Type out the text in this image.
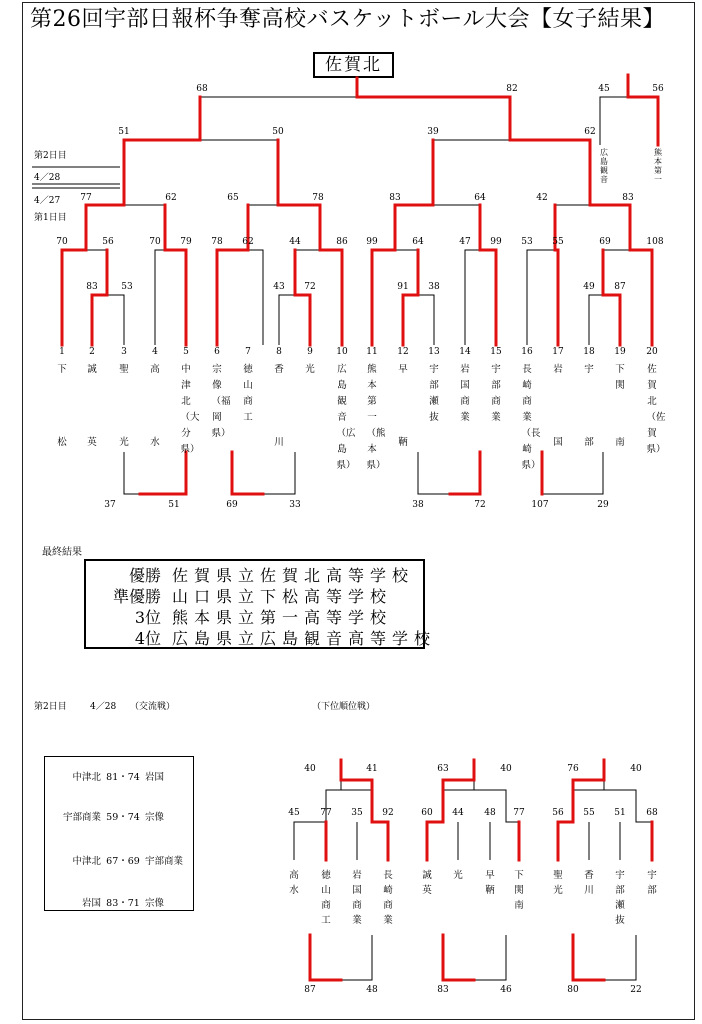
第26回宇部日報杯争奪高校バスケットボール大会【女子結果】
佐賀北
第2日目
4／28
4／27
第1日目
68	82
51	50	39	62
45	56
77	62	65	78	83	64	42	83
70	56	70 79 78 62	44	86 99	64	47 99 53 55	69	108
83	53	43 72	91 38	49 87
37	51	69	33	38	72	107	29
広島観音
熊本第一
1
下
松
2
誠
英
3
聖
光
4
高
水
5
中津北（大分県）
6
宗像（福岡県）
7
徳山商工
8
香
川
9
光
10
広島観音（広島県）
11
熊本第一（熊本県）
12
早
鞆
13
宇部瀬抜
14
岩国商業
15
宇部商業
16
長崎商業（長崎県）
17
岩
国
18
宇
部
19
下関
南
20
佐賀北（佐賀県）
最終結果
優勝 佐賀県立佐賀北高等学校
準優勝 山口県立下松高等学校
3位 熊本県立第一高等学校
4位 広島県立広島観音高等学校
第2日目	4／28 （交流戦）	（下位順位戦）
中津北 81・74 岩国
宇部商業 59・74 宗像
中津北 67・69 宇部商業
岩国 83・71 宗像
40	41
45 77 35 92
87	48
高水
徳山商工
岩国商業
長崎商業
63	40
60 44 48 77
83	46
誠英
光 早鞆
下関南
76	40
56 55 51 68
80	22
聖光
香川
宇部瀬抜
宇部
